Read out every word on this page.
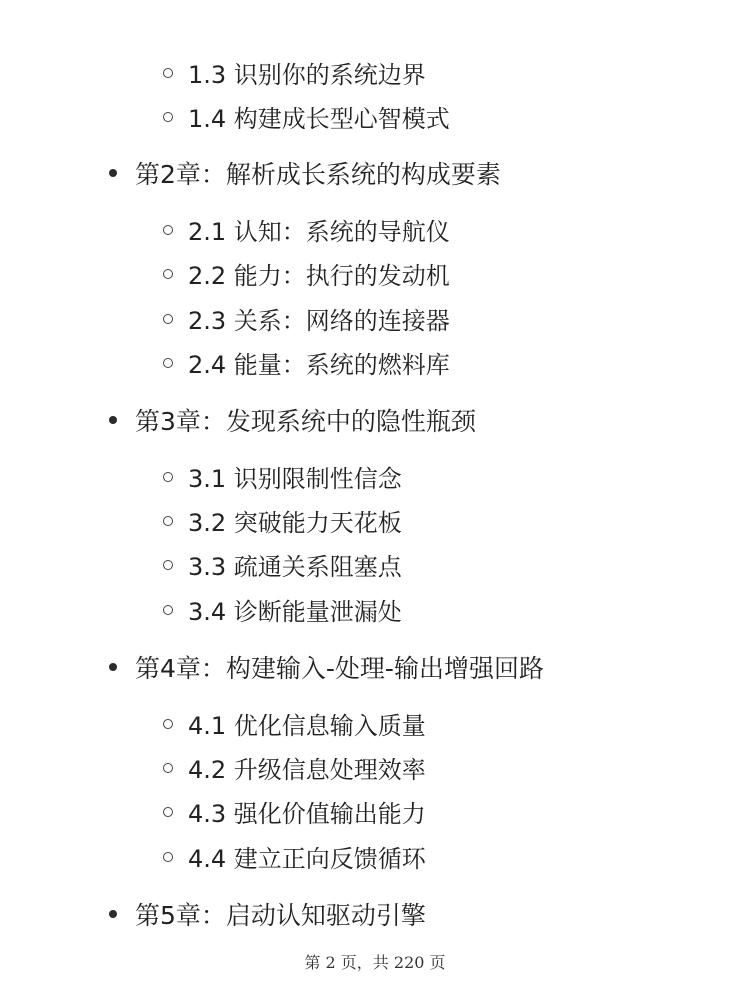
1.3 识别你的系统边界
1.4 构建成长型心智模式
第2章：解析成长系统的构成要素
2.1 认知：系统的导航仪
2.2 能力：执行的发动机
2.3 关系：网络的连接器
2.4 能量：系统的燃料库
第3章：发现系统中的隐性瓶颈
3.1 识别限制性信念
3.2 突破能力天花板
3.3 疏通关系阻塞点
3.4 诊断能量泄漏处
第4章：构建输入-处理-输出增强回路
4.1 优化信息输入质量
4.2 升级信息处理效率
4.3 强化价值输出能力
4.4 建立正向反馈循环
第5章：启动认知驱动引擎
第 2 页，共 220 页
